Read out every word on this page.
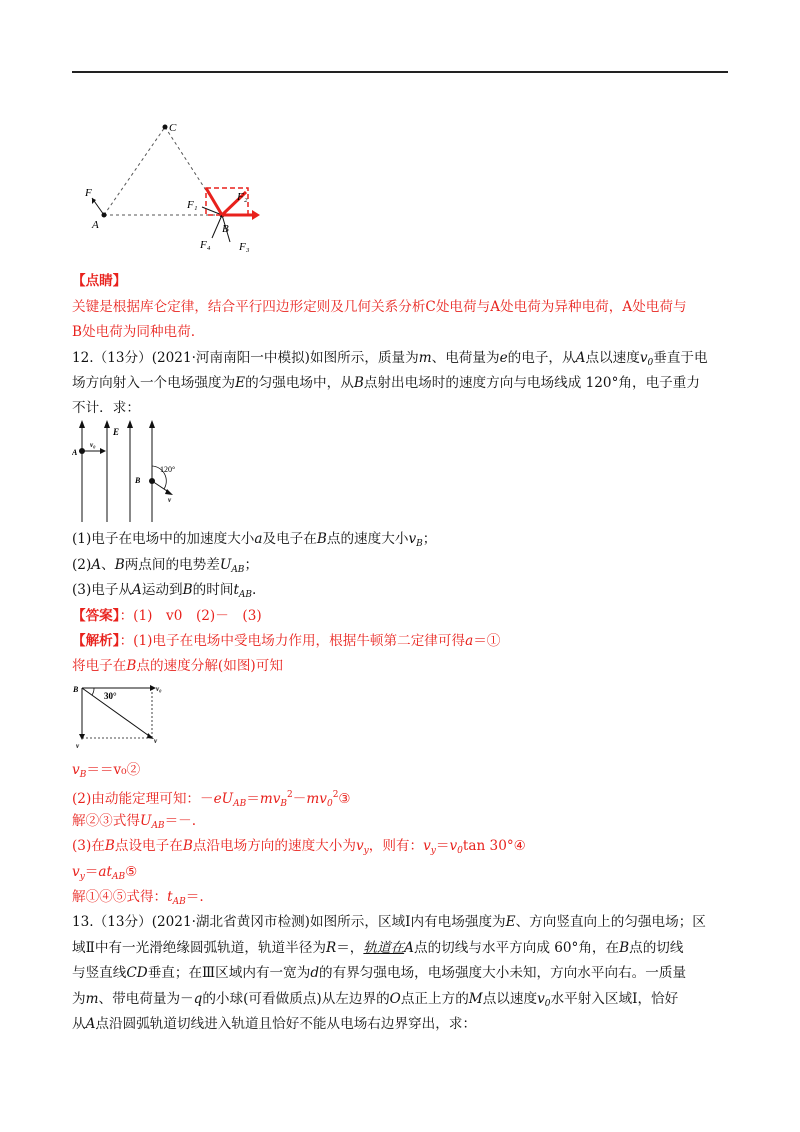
C
A	B
F
F₁
F₂
F₃
F₄
【点睛】
关键是根据库仑定律，结合平行四边形定则及几何关系分析C处电荷与A处电荷为异种电荷，A处电荷与
B处电荷为同种电荷.
12.（13分）(2021·河南南阳一中模拟)如图所示，质量为m、电荷量为e的电子，从A点以速度$v_0$垂直于电
场方向射入一个电场强度为E的匀强电场中，从B点射出电场时的速度方向与电场线成 120°角，电子重力
不计．求：
v₀
E
A
B
120°
v
(1)电子在电场中的加速度大小a及电子在B点的速度大小$v_B$；
(2)A、B两点间的电势差$U_{AB}$；
(3)电子从A运动到B的时间$t_{AB}$.
【答案】：(1)　v0　(2)－　(3)
【解析】：(1)电子在电场中受电场力作用，根据牛顿第二定律可得a＝①
将电子在B点的速度分解(如图)可知
B
30°
v₀
v
v
$v_B==v_0②$
(2)由动能定理可知：$-eU_{AB}=mv_B^2-mv_0^2③$
解②③式得$U_{AB}=-$.
(3)在B点设电子在B点沿电场方向的速度大小为$v_y$，则有：$v_y=v_0\tan$ 30°④
$v_y=at_{AB}⑤$
解①④⑤式得：$t_{AB}=$.
13.（13分）(2021·湖北省黄冈市检测)如图所示，区域Ⅰ内有电场强度为E、方向竖直向上的匀强电场；区
域Ⅱ中有一光滑绝缘圆弧轨道，轨道半径为R＝，轨道在A点的切线与水平方向成 60°角，在B点的切线
与竖直线CD垂直；在Ⅲ区域内有一宽为d的有界匀强电场，电场强度大小未知，方向水平向右。一质量
为m、带电荷量为－q的小球(可看做质点)从左边界的O点正上方的M点以速度$v_0$水平射入区域Ⅰ，恰好
从A点沿圆弧轨道切线进入轨道且恰好不能从电场右边界穿出，求：
